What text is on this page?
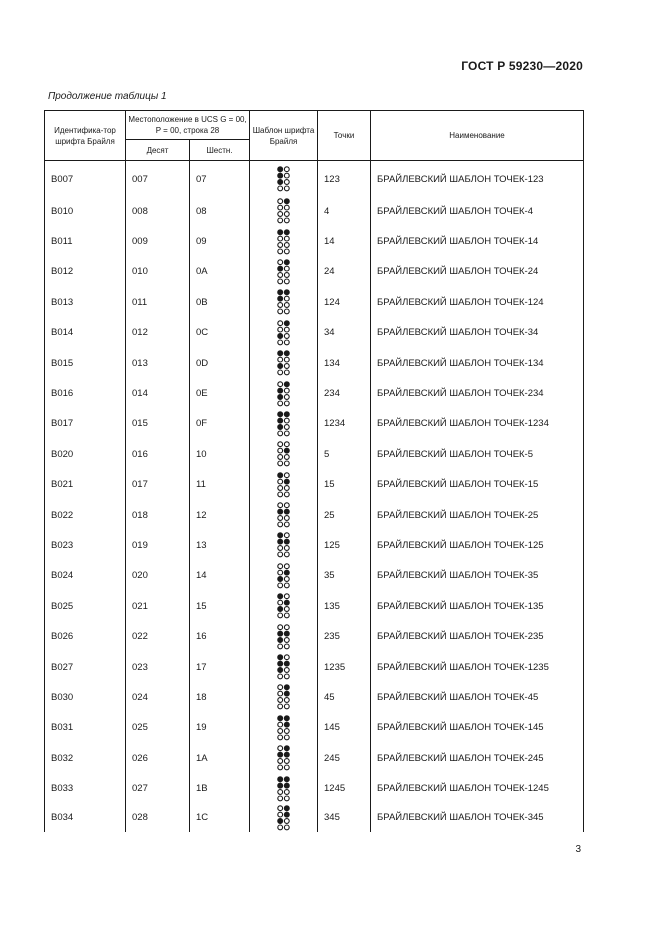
ГОСТ Р 59230—2020
Продолжение таблицы 1
Идентифика-тор шрифта Брайля	Местоположение в UCS G = 00, P = 00, строка 28		Шаблон шрифта Брайля	Точки	Наименование
	Десят	Шестн.			
B007	007	07		123	БРАЙЛЕВСКИЙ ШАБЛОН ТОЧЕК-123
B010	008	08		4	БРАЙЛЕВСКИЙ ШАБЛОН ТОЧЕК-4
B011	009	09		14	БРАЙЛЕВСКИЙ ШАБЛОН ТОЧЕК-14
B012	010	0A		24	БРАЙЛЕВСКИЙ ШАБЛОН ТОЧЕК-24
B013	011	0B		124	БРАЙЛЕВСКИЙ ШАБЛОН ТОЧЕК-124
B014	012	0C		34	БРАЙЛЕВСКИЙ ШАБЛОН ТОЧЕК-34
B015	013	0D		134	БРАЙЛЕВСКИЙ ШАБЛОН ТОЧЕК-134
B016	014	0E		234	БРАЙЛЕВСКИЙ ШАБЛОН ТОЧЕК-234
B017	015	0F		1234	БРАЙЛЕВСКИЙ ШАБЛОН ТОЧЕК-1234
B020	016	10		5	БРАЙЛЕВСКИЙ ШАБЛОН ТОЧЕК-5
B021	017	11		15	БРАЙЛЕВСКИЙ ШАБЛОН ТОЧЕК-15
B022	018	12		25	БРАЙЛЕВСКИЙ ШАБЛОН ТОЧЕК-25
B023	019	13		125	БРАЙЛЕВСКИЙ ШАБЛОН ТОЧЕК-125
B024	020	14		35	БРАЙЛЕВСКИЙ ШАБЛОН ТОЧЕК-35
B025	021	15		135	БРАЙЛЕВСКИЙ ШАБЛОН ТОЧЕК-135
B026	022	16		235	БРАЙЛЕВСКИЙ ШАБЛОН ТОЧЕК-235
B027	023	17		1235	БРАЙЛЕВСКИЙ ШАБЛОН ТОЧЕК-1235
B030	024	18		45	БРАЙЛЕВСКИЙ ШАБЛОН ТОЧЕК-45
B031	025	19		145	БРАЙЛЕВСКИЙ ШАБЛОН ТОЧЕК-145
B032	026	1A		245	БРАЙЛЕВСКИЙ ШАБЛОН ТОЧЕК-245
B033	027	1B		1245	БРАЙЛЕВСКИЙ ШАБЛОН ТОЧЕК-1245
B034	028	1C		345	БРАЙЛЕВСКИЙ ШАБЛОН ТОЧЕК-345
3
